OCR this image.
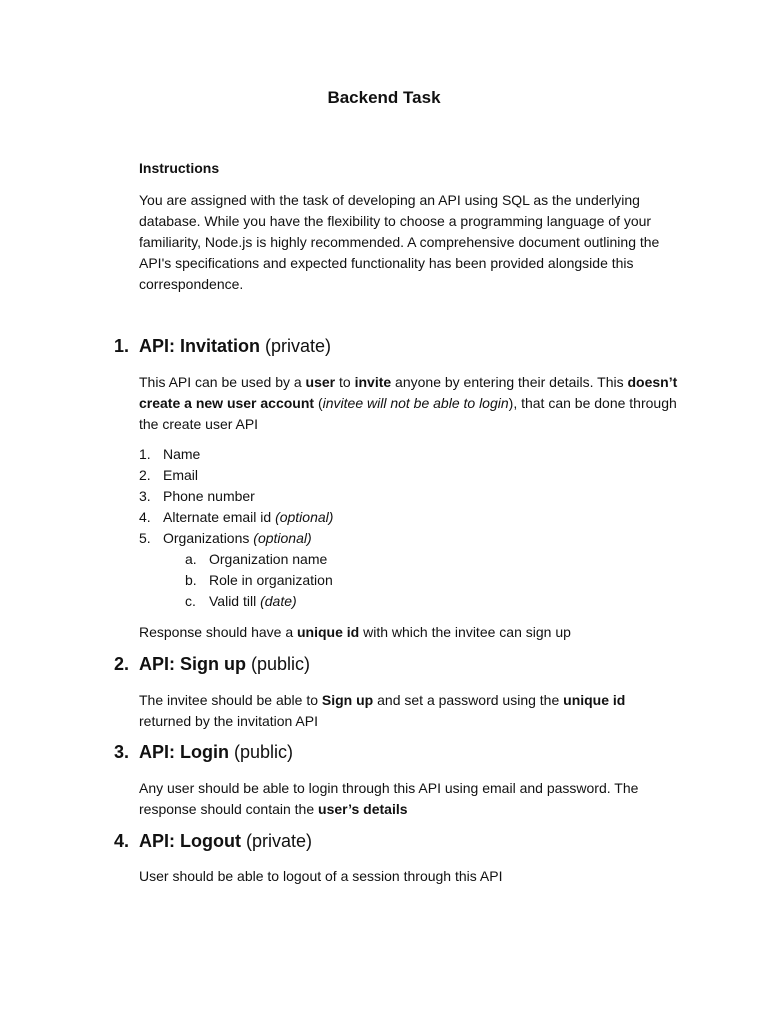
Backend Task
Instructions

You are assigned with the task of developing an API using SQL as the underlying database. While you have the flexibility to choose a programming language of your familiarity, Node.js is highly recommended. A comprehensive document outlining the API's specifications and expected functionality has been provided alongside this correspondence.

1. API: Invitation (private)

This API can be used by a user to invite anyone by entering their details. This doesn’t create a new user account (invitee will not be able to login), that can be done through the create user API

1. Name
2. Email
3. Phone number
4. Alternate email id (optional)
5. Organizations (optional)
a. Organization name
b. Role in organization
c. Valid till (date)

Response should have a unique id with which the invitee can sign up

2. API: Sign up (public)

The invitee should be able to Sign up and set a password using the unique id returned by the invitation API

3. API: Login (public)

Any user should be able to login through this API using email and password. The response should contain the user’s details

4. API: Logout (private)

User should be able to logout of a session through this API
